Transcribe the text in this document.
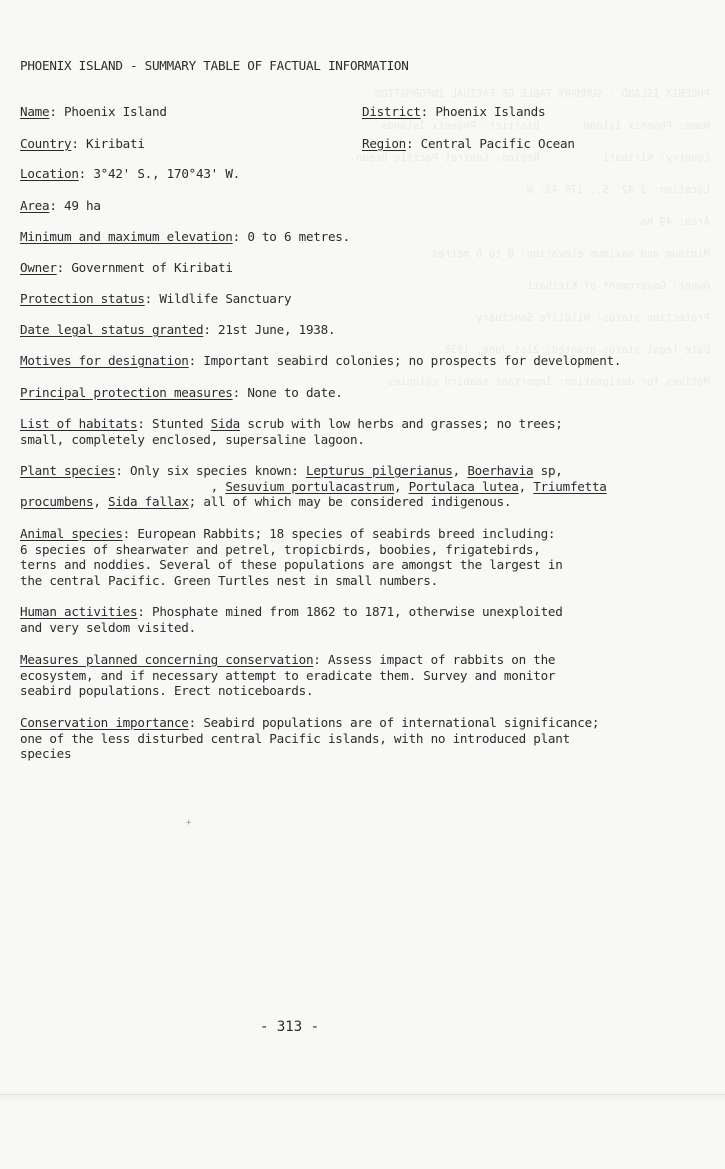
PHOENIX ISLAND - SUMMARY TABLE OF FACTUAL INFORMATION
Name: Phoenix Island       District: Phoenix Islands
Country: Kiribati          Region: Central Pacific Ocean
Location: 3 42' S., 170 43' W.
Area: 49 ha
Minimum and maximum elevation: 0 to 6 metres.
Owner: Government of Kiribati
Protection status: Wildlife Sanctuary
Date legal status granted: 21st June, 1938.
Motives for designation: Important seabird colonies
PHOENIX ISLAND - SUMMARY TABLE OF FACTUAL INFORMATION
Name: Phoenix Island	District: Phoenix Islands
Country: Kiribati	Region: Central Pacific Ocean
Location: 3°42' S., 170°43' W.
Area: 49 ha
Minimum and maximum elevation: 0 to 6 metres.
Owner: Government of Kiribati
Protection status: Wildlife Sanctuary
Date legal status granted: 21st June, 1938.
Motives for designation: Important seabird colonies; no prospects for development.
Principal protection measures: None to date.
List of habitats: Stunted Sida scrub with low herbs and grasses; no trees;
small, completely enclosed, supersaline lagoon.
Plant species: Only six species known: Lepturus pilgerianus, Boerhavia sp,
, Sesuvium portulacastrum, Portulaca lutea, Triumfetta
procumbens, Sida fallax; all of which may be considered indigenous.
Animal species: European Rabbits; 18 species of seabirds breed including:
6 species of shearwater and petrel, tropicbirds, boobies, frigatebirds,
terns and noddies. Several of these populations are amongst the largest in
the central Pacific. Green Turtles nest in small numbers.
Human activities: Phosphate mined from 1862 to 1871, otherwise unexploited
and very seldom visited.
Measures planned concerning conservation: Assess impact of rabbits on the
ecosystem, and if necessary attempt to eradicate them. Survey and monitor
seabird populations. Erect noticeboards.
Conservation importance: Seabird populations are of international significance;
one of the less disturbed central Pacific islands, with no introduced plant
species
+
- 313 -
